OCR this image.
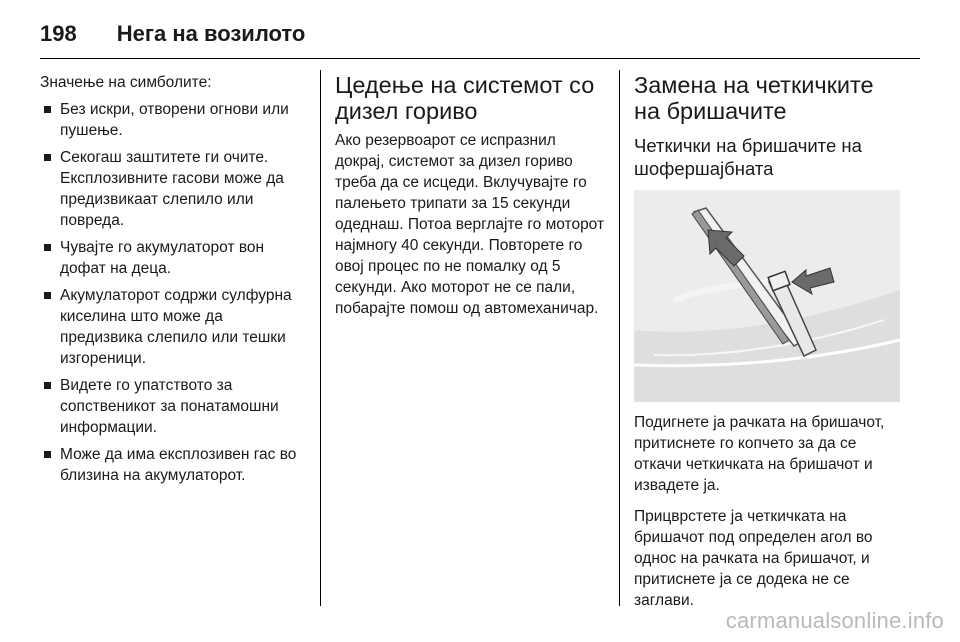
198 Нега на возилото

Значење на симболите:

Без искри, отворени огнови или пушење.
Секогаш заштитете ги очите. Експлозивните гасови може да предизвикаат слепило или повреда.
Чувајте го акумулаторот вон дофат на деца.
Акумулаторот содржи сулфурна киселина што може да предизвика слепило или тешки изгореници.
Видете го упатството за сопственикот за понатамошни информации.
Може да има експлозивен гас во близина на акумулаторот.
Цедење на системот со дизел гориво

Ако резервоарот се испразнил докрај, системот за дизел гориво треба да се исцеди. Вклучувајте го палењето трипати за 15 секунди одеднаш. Потоа верглајте го моторот најмногу 40 секунди. Повторете го овој процес по не помалку од 5 секунди. Ако моторот не се пали, побарајте помош од автомеханичар.

Замена на четкичките на бришачите
Четкички на бришачите на шофершајбната

Подигнете ја рачката на бришачот, притиснете го копчето за да се откачи четкичката на бришачот и извадете ја.

Прицврстете ја четкичката на бришачот под определен агол во однос на рачката на бришачот, и притиснете ја се додека не се заглави.

carmanualsonline.info
